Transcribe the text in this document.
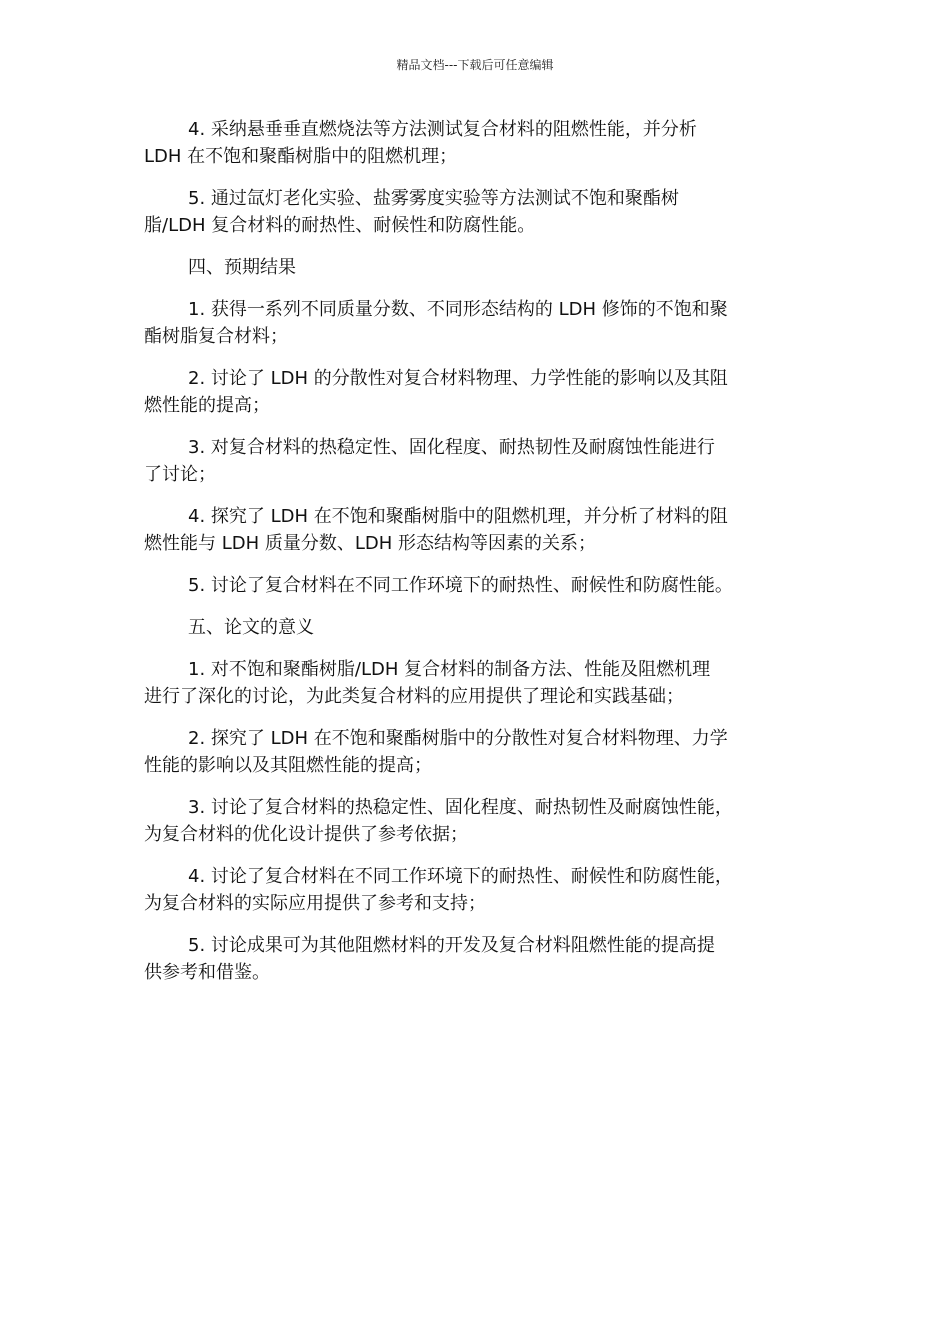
精品文档---下载后可任意编辑

4. 采纳悬垂垂直燃烧法等方法测试复合材料的阻燃性能，并分析
LDH 在不饱和聚酯树脂中的阻燃机理；

5. 通过氙灯老化实验、盐雾雾度实验等方法测试不饱和聚酯树
脂/LDH 复合材料的耐热性、耐候性和防腐性能。

四、预期结果

1. 获得一系列不同质量分数、不同形态结构的 LDH 修饰的不饱和聚
酯树脂复合材料；

2. 讨论了 LDH 的分散性对复合材料物理、力学性能的影响以及其阻
燃性能的提高；

3. 对复合材料的热稳定性、固化程度、耐热韧性及耐腐蚀性能进行
了讨论；

4. 探究了 LDH 在不饱和聚酯树脂中的阻燃机理，并分析了材料的阻
燃性能与 LDH 质量分数、LDH 形态结构等因素的关系；

5. 讨论了复合材料在不同工作环境下的耐热性、耐候性和防腐性能。

五、论文的意义

1. 对不饱和聚酯树脂/LDH 复合材料的制备方法、性能及阻燃机理
进行了深化的讨论，为此类复合材料的应用提供了理论和实践基础；

2. 探究了 LDH 在不饱和聚酯树脂中的分散性对复合材料物理、力学
性能的影响以及其阻燃性能的提高；

3. 讨论了复合材料的热稳定性、固化程度、耐热韧性及耐腐蚀性能，
为复合材料的优化设计提供了参考依据；

4. 讨论了复合材料在不同工作环境下的耐热性、耐候性和防腐性能，
为复合材料的实际应用提供了参考和支持；

5. 讨论成果可为其他阻燃材料的开发及复合材料阻燃性能的提高提
供参考和借鉴。
